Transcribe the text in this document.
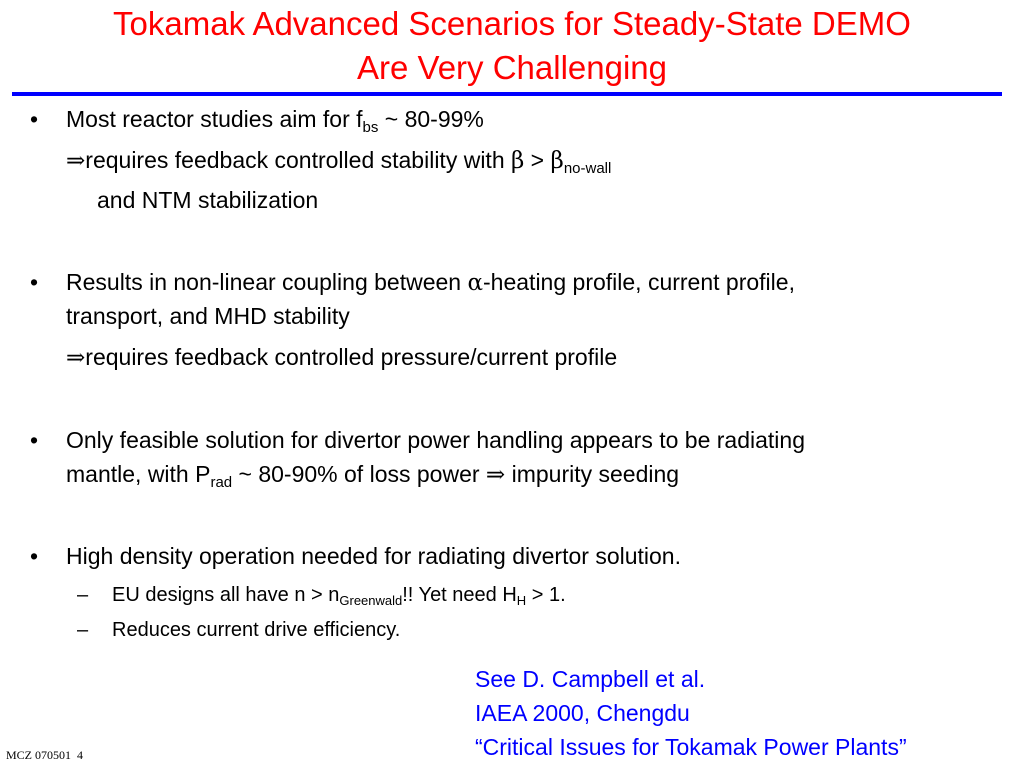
Tokamak Advanced Scenarios for Steady-State DEMO
Are Very Challenging
• Most reactor studies aim for $f_{bs}$ ~ 80-99%
⇒requires feedback controlled stability with $\beta > \beta_{no-wall}$
and NTM stabilization
• Results in non-linear coupling between α-heating profile, current profile,
transport, and MHD stability
⇒requires feedback controlled pressure/current profile
• Only feasible solution for divertor power handling appears to be radiating
mantle, with $P_{rad}$ ~ 80-90% of loss power ⇒ impurity seeding
• High density operation needed for radiating divertor solution.
– EU designs all have $n > n_{Greenwald}$!! Yet need $H_H > 1$.
– Reduces current drive efficiency.
See D. Campbell et al.
IAEA 2000, Chengdu
“Critical Issues for Tokamak Power Plants”
MCZ 070501 4
